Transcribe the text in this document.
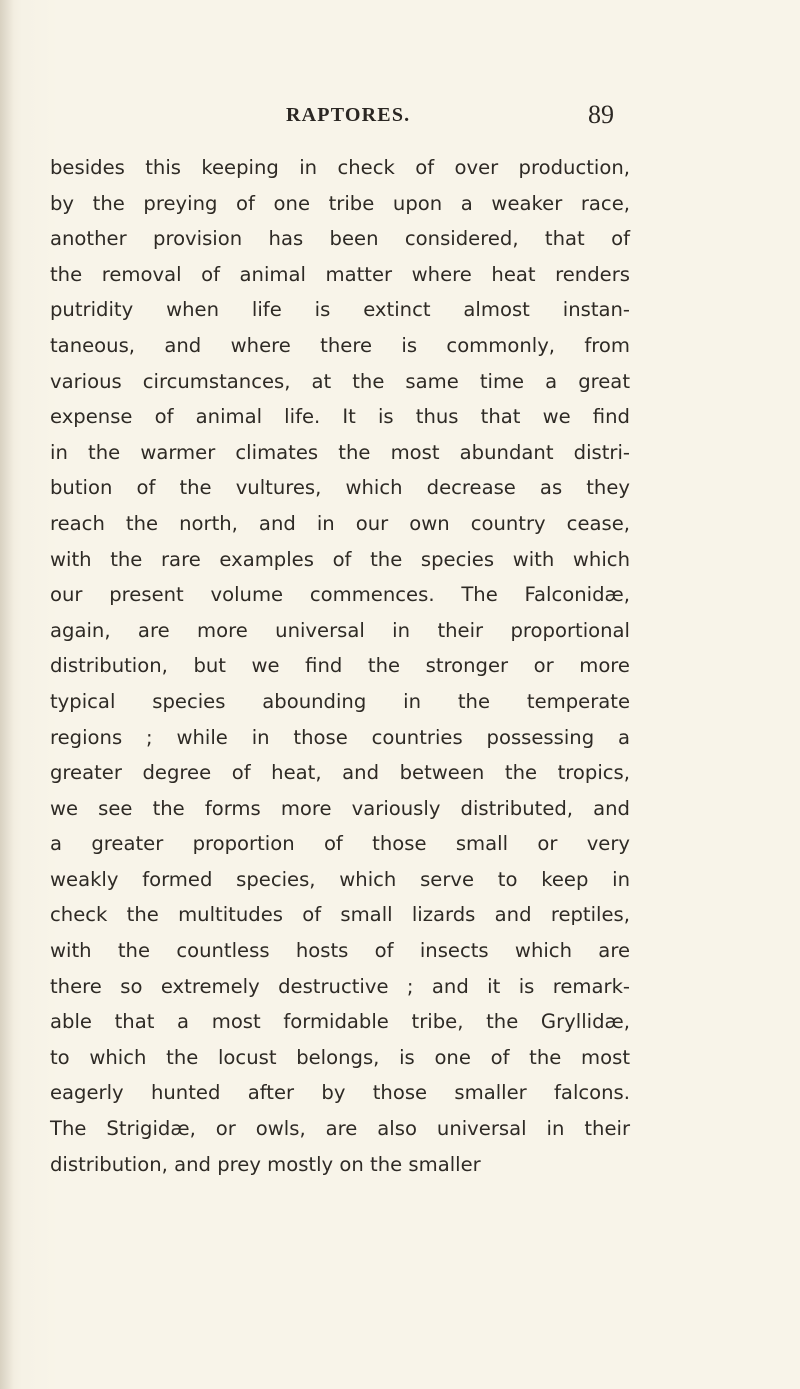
RAPTORES.	89
besides this keeping in check of over production,
by the preying of one tribe upon a weaker race,
another provision has been considered, that of
the removal of animal matter where heat renders
putridity when life is extinct almost instan-
taneous, and where there is commonly, from
various circumstances, at the same time a great
expense of animal life. It is thus that we find
in the warmer climates the most abundant distri-
bution of the vultures, which decrease as they
reach the north, and in our own country cease,
with the rare examples of the species with which
our present volume commences. The Falconidæ,
again, are more universal in their proportional
distribution, but we find the stronger or more
typical species abounding in the temperate
regions ; while in those countries possessing a
greater degree of heat, and between the tropics,
we see the forms more variously distributed, and
a greater proportion of those small or very
weakly formed species, which serve to keep in
check the multitudes of small lizards and reptiles,
with the countless hosts of insects which are
there so extremely destructive ; and it is remark-
able that a most formidable tribe, the Gryllidæ,
to which the locust belongs, is one of the most
eagerly hunted after by those smaller falcons.
The Strigidæ, or owls, are also universal in their
distribution, and prey mostly on the smaller
